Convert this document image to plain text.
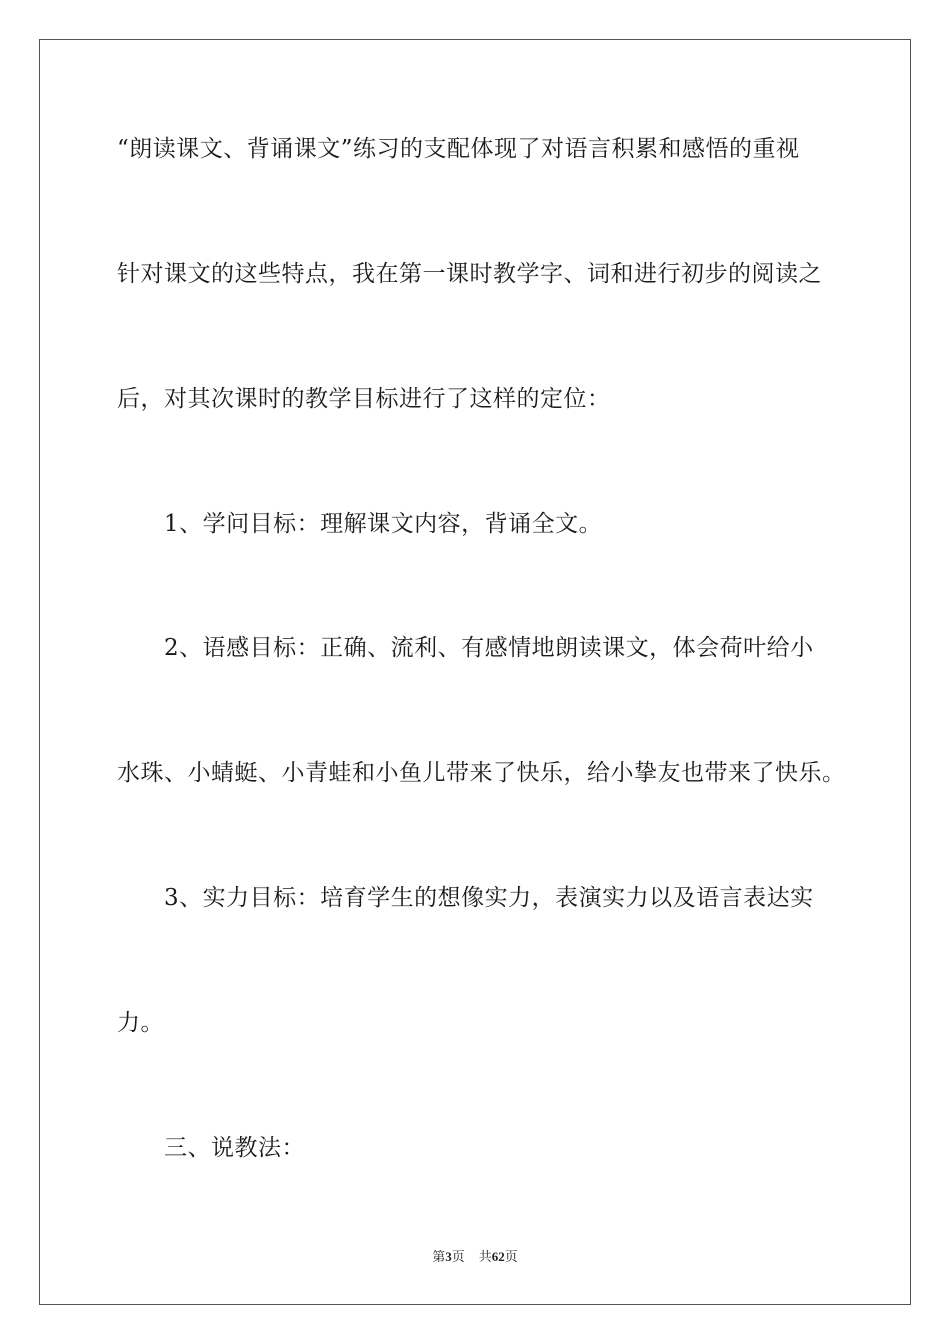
“朗读课文、背诵课文”练习的支配体现了对语言积累和感悟的重视
针对课文的这些特点，我在第一课时教学字、词和进行初步的阅读之
后，对其次课时的教学目标进行了这样的定位：
1、学问目标：理解课文内容，背诵全文。
2、语感目标：正确、流利、有感情地朗读课文，体会荷叶给小
水珠、小蜻蜓、小青蛙和小鱼儿带来了快乐，给小挚友也带来了快乐。
3、实力目标：培育学生的想像实力，表演实力以及语言表达实
力。
三、说教法：
第3页 共62页
